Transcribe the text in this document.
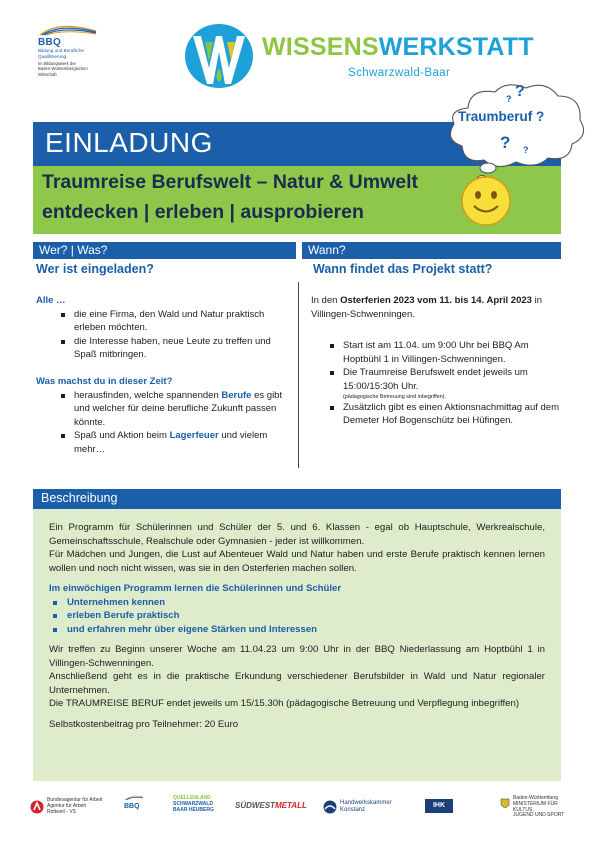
BBQ
Bildung und Berufliche
Qualifizierung
Im Bildungswerk der
Baden-Württembergischen
Wirtschaft
WISSENSWERKSTATT
Schwarzwald-Baar
EINLADUNG
Traumreise Berufswelt – Natur & Umwelt
entdecken | erleben | ausprobieren
? ?
Traumberuf ?
? ?
Wer? | Was?	Wann?
Wer ist eingeladen?	Wann findet das Projekt statt?
Alle …
die eine Firma, den Wald und Natur praktisch erleben möchten.
die Interesse haben, neue Leute zu treffen und Spaß mitbringen.
Was machst du in dieser Zeit?
herausfinden, welche spannenden Berufe es gibt und welcher für deine berufliche Zukunft passen könnte.
Spaß und Aktion beim Lagerfeuer und vielem mehr…
In den Osterferien 2023 vom 11. bis 14. April 2023 in Villingen-Schwenningen.
Start ist am 11.04. um 9:00 Uhr bei BBQ Am Hoptbühl 1 in Villingen-Schwenningen.
Die Traumreise Berufswelt endet jeweils um 15:00/15:30h Uhr.
(pädagogische Betreuung sind inbegriffen).
Zusätzlich gibt es einen Aktionsnachmittag auf dem Demeter Hof Bogenschütz bei Hüfingen.
Beschreibung

Ein Programm für Schülerinnen und Schüler der 5. und 6. Klassen - egal ob Hauptschule, Werkrealschule, Gemeinschaftsschule, Realschule oder Gymnasien - jeder ist willkommen.

Für Mädchen und Jungen, die Lust auf Abenteuer Wald und Natur haben und erste Berufe praktisch kennen lernen wollen und noch nicht wissen, was sie in den Osterferien machen sollen.

Im einwöchigen Programm lernen die Schülerinnen und Schüler

Unternehmen kennen
erleben Berufe praktisch
und erfahren mehr über eigene Stärken und Interessen

Wir treffen zu Beginn unserer Woche am 11.04.23 um 9:00 Uhr in der BBQ Niederlassung am Hoptbühl 1 in Villingen-Schwenningen.

Anschließend geht es in die praktische Erkundung verschiedener Berufsbilder in Wald und Natur regionaler Unternehmen.

Die TRAUMREISE BERUF endet jeweils um 15/15.30h (pädagogische Betreuung und Verpflegung inbegriffen)

Selbstkostenbeitrag pro Teilnehmer: 20 Euro

Bundesagentur für Arbeit
Agentur für Arbeit
Rottweil - VS
BBQ
QUELLENLAND
SCHWARZWALD
BAAR HEUBERG	SÜDWESTMETALL	Handwerkskammer
Konstanz
IHK
Baden-Württemberg
MINISTERIUM FÜR KULTUS,
JUGEND UND SPORT
